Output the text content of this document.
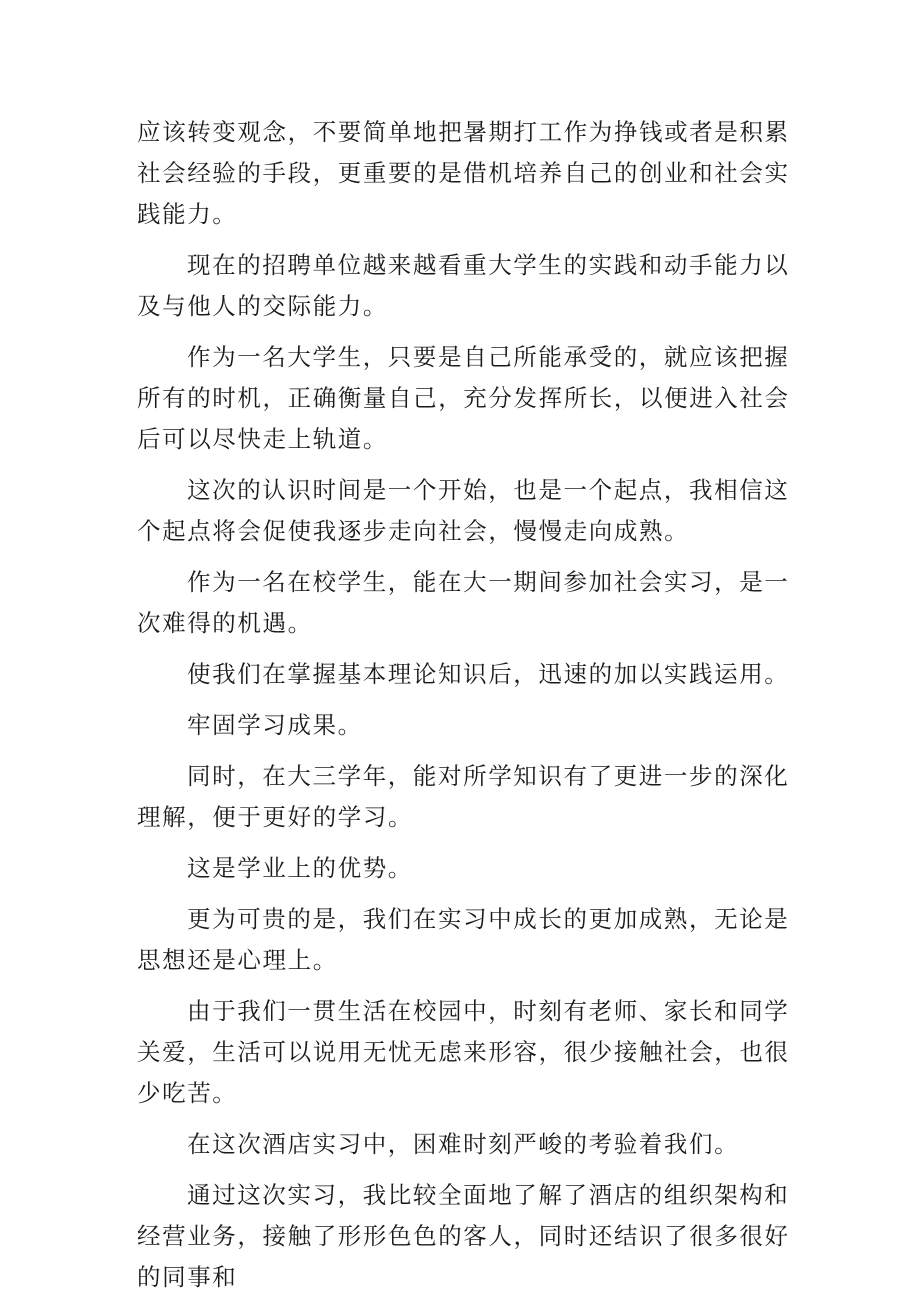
应该转变观念，不要简单地把暑期打工作为挣钱或者是积累社会经验的手段，更重要的是借机培养自己的创业和社会实践能力。

现在的招聘单位越来越看重大学生的实践和动手能力以及与他人的交际能力。

作为一名大学生，只要是自己所能承受的，就应该把握所有的时机，正确衡量自己，充分发挥所长，以便进入社会后可以尽快走上轨道。

这次的认识时间是一个开始，也是一个起点，我相信这个起点将会促使我逐步走向社会，慢慢走向成熟。

作为一名在校学生，能在大一期间参加社会实习，是一次难得的机遇。

使我们在掌握基本理论知识后，迅速的加以实践运用。

牢固学习成果。

同时，在大三学年，能对所学知识有了更进一步的深化理解，便于更好的学习。

这是学业上的优势。

更为可贵的是，我们在实习中成长的更加成熟，无论是思想还是心理上。

由于我们一贯生活在校园中，时刻有老师、家长和同学关爱，生活可以说用无忧无虑来形容，很少接触社会，也很少吃苦。

在这次酒店实习中，困难时刻严峻的考验着我们。

通过这次实习，我比较全面地了解了酒店的组织架构和经营业务，接触了形形色色的客人，同时还结识了很多很好的同事和
